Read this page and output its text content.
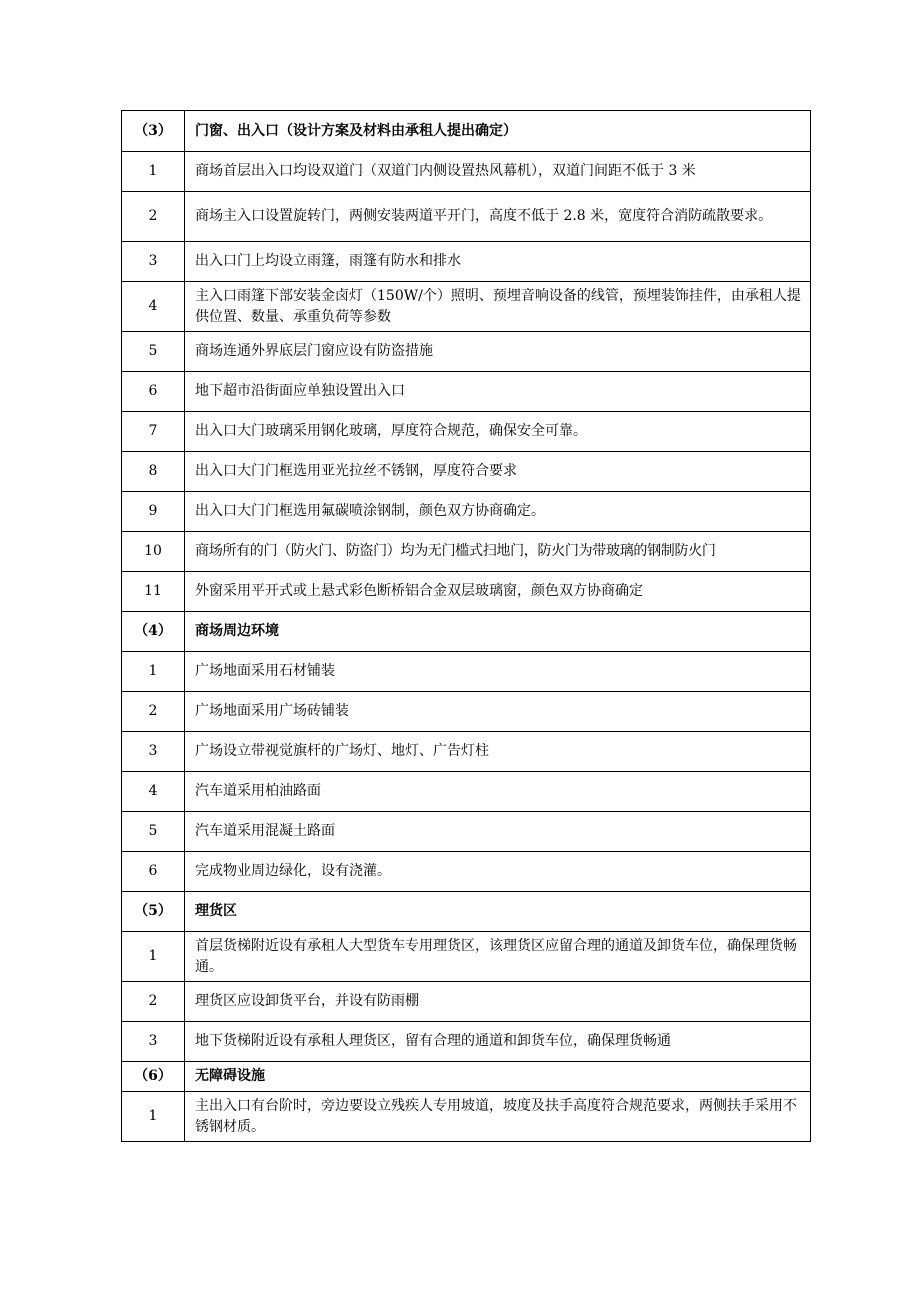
（3）	门窗、出入口（设计方案及材料由承租人提出确定）
1	商场首层出入口均设双道门（双道门内侧设置热风幕机），双道门间距不低于 3 米
2	商场主入口设置旋转门，两侧安装两道平开门，高度不低于 2.8 米，宽度符合消防疏散要求。
3	出入口门上均设立雨篷，雨篷有防水和排水
4	主入口雨篷下部安装金卤灯（150W/个）照明、预埋音响设备的线管，预埋装饰挂件，由承租人提供位置、数量、承重负荷等参数
5	商场连通外界底层门窗应设有防盗措施
6	地下超市沿街面应单独设置出入口
7	出入口大门玻璃采用钢化玻璃，厚度符合规范，确保安全可靠。
8	出入口大门门框选用亚光拉丝不锈钢，厚度符合要求
9	出入口大门门框选用氟碳喷涂钢制，颜色双方协商确定。
10	商场所有的门（防火门、防盗门）均为无门槛式扫地门，防火门为带玻璃的钢制防火门
11	外窗采用平开式或上悬式彩色断桥铝合金双层玻璃窗，颜色双方协商确定
（4）	商场周边环境
1	广场地面采用石材铺装
2	广场地面采用广场砖铺装
3	广场设立带视觉旗杆的广场灯、地灯、广告灯柱
4	汽车道采用柏油路面
5	汽车道采用混凝土路面
6	完成物业周边绿化，设有浇灌。
（5）	理货区
1	首层货梯附近设有承租人大型货车专用理货区，该理货区应留合理的通道及卸货车位，确保理货畅通。
2	理货区应设卸货平台，并设有防雨棚
3	地下货梯附近设有承租人理货区，留有合理的通道和卸货车位，确保理货畅通
（6）	无障碍设施
1	主出入口有台阶时，旁边要设立残疾人专用坡道，坡度及扶手高度符合规范要求，两侧扶手采用不锈钢材质。
